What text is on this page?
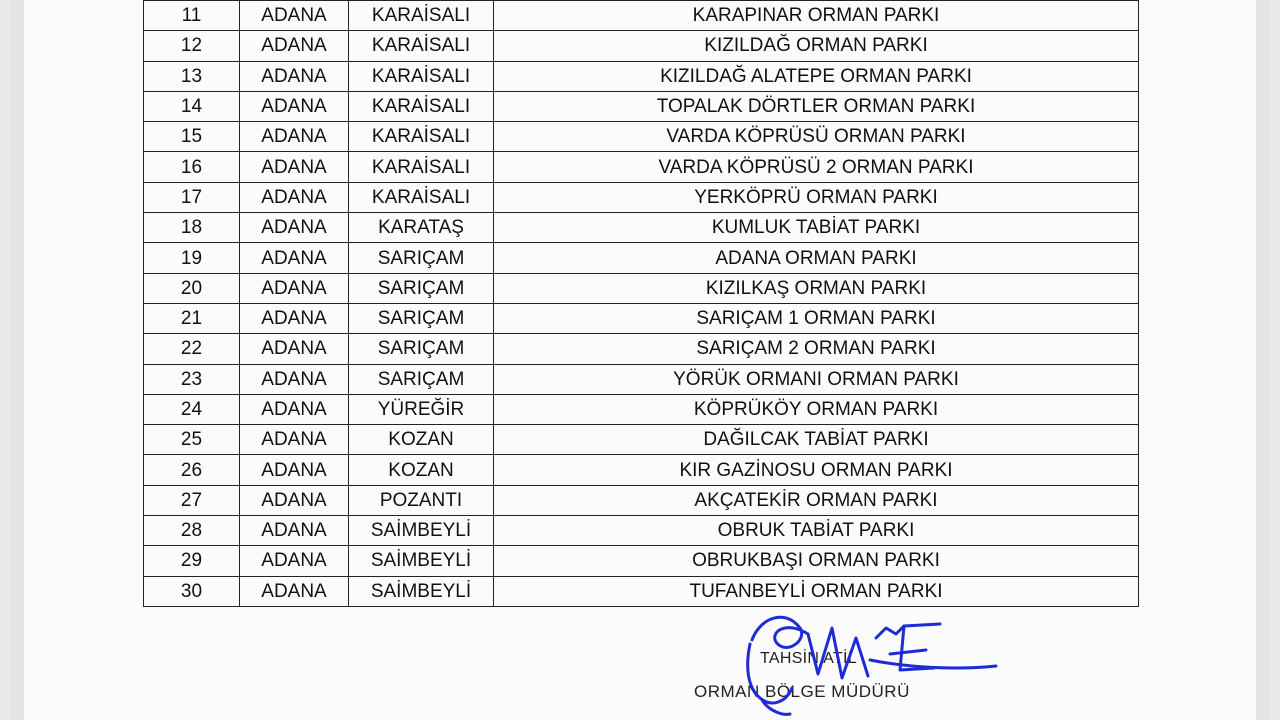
11	ADANA	KARAİSALI	KARAPINAR ORMAN PARKI
12	ADANA	KARAİSALI	KIZILDAĞ ORMAN PARKI
13	ADANA	KARAİSALI	KIZILDAĞ ALATEPE ORMAN PARKI
14	ADANA	KARAİSALI	TOPALAK DÖRTLER ORMAN PARKI
15	ADANA	KARAİSALI	VARDA KÖPRÜSÜ ORMAN PARKI
16	ADANA	KARAİSALI	VARDA KÖPRÜSÜ 2 ORMAN PARKI
17	ADANA	KARAİSALI	YERKÖPRÜ ORMAN PARKI
18	ADANA	KARATAŞ	KUMLUK TABİAT PARKI
19	ADANA	SARIÇAM	ADANA ORMAN PARKI
20	ADANA	SARIÇAM	KIZILKAŞ ORMAN PARKI
21	ADANA	SARIÇAM	SARIÇAM 1 ORMAN PARKI
22	ADANA	SARIÇAM	SARIÇAM 2 ORMAN PARKI
23	ADANA	SARIÇAM	YÖRÜK ORMANI ORMAN PARKI
24	ADANA	YÜREĞİR	KÖPRÜKÖY ORMAN PARKI
25	ADANA	KOZAN	DAĞILCAK TABİAT PARKI
26	ADANA	KOZAN	KIR GAZİNOSU ORMAN PARKI
27	ADANA	POZANTI	AKÇATEKİR ORMAN PARKI
28	ADANA	SAİMBEYLİ	OBRUK TABİAT PARKI
29	ADANA	SAİMBEYLİ	OBRUKBAŞI ORMAN PARKI
30	ADANA	SAİMBEYLİ	TUFANBEYLİ ORMAN PARKI
TAHSİN ATİL
ORMAN BÖLGE MÜDÜRÜ
